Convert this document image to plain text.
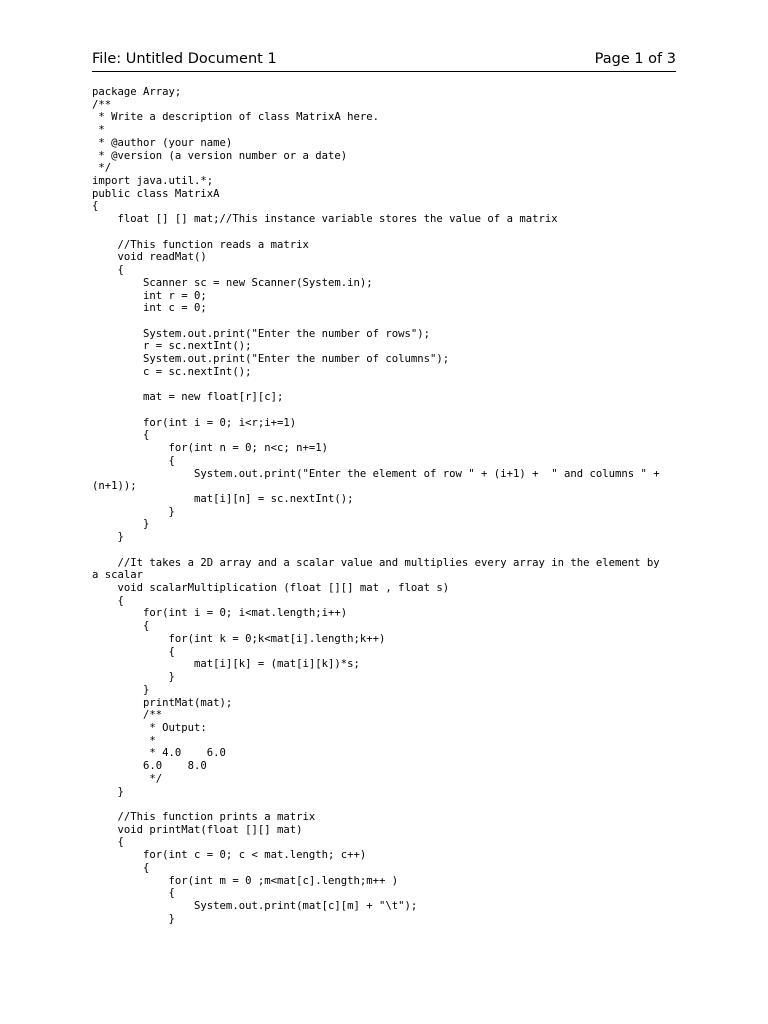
File: Untitled Document 1	Page 1 of 3
package Array;
/**
* Write a description of class MatrixA here.
*
* @author (your name)
* @version (a version number or a date)
*/
import java.util.*;
public class MatrixA
{
float [] [] mat;//This instance variable stores the value of a matrix
//This function reads a matrix
void readMat()
{
Scanner sc = new Scanner(System.in);
int r = 0;
int c = 0;
System.out.print("Enter the number of rows");
r = sc.nextInt();
System.out.print("Enter the number of columns");
c = sc.nextInt();
mat = new float[r][c];
for(int i = 0; i<r;i+=1)
{
for(int n = 0; n<c; n+=1)
{
System.out.print("Enter the element of row " + (i+1) +  " and columns " +
(n+1));
mat[i][n] = sc.nextInt();
}
}
}
//It takes a 2D array and a scalar value and multiplies every array in the element by
a scalar
void scalarMultiplication (float [][] mat , float s)
{
for(int i = 0; i<mat.length;i++)
{
for(int k = 0;k<mat[i].length;k++)
{
mat[i][k] = (mat[i][k])*s;
}
}
printMat(mat);
/**
* Output:
*
* 4.0    6.0
6.0    8.0
*/
}
//This function prints a matrix
void printMat(float [][] mat)
{
for(int c = 0; c < mat.length; c++)
{
for(int m = 0 ;m<mat[c].length;m++ )
{
System.out.print(mat[c][m] + "\t");
}
